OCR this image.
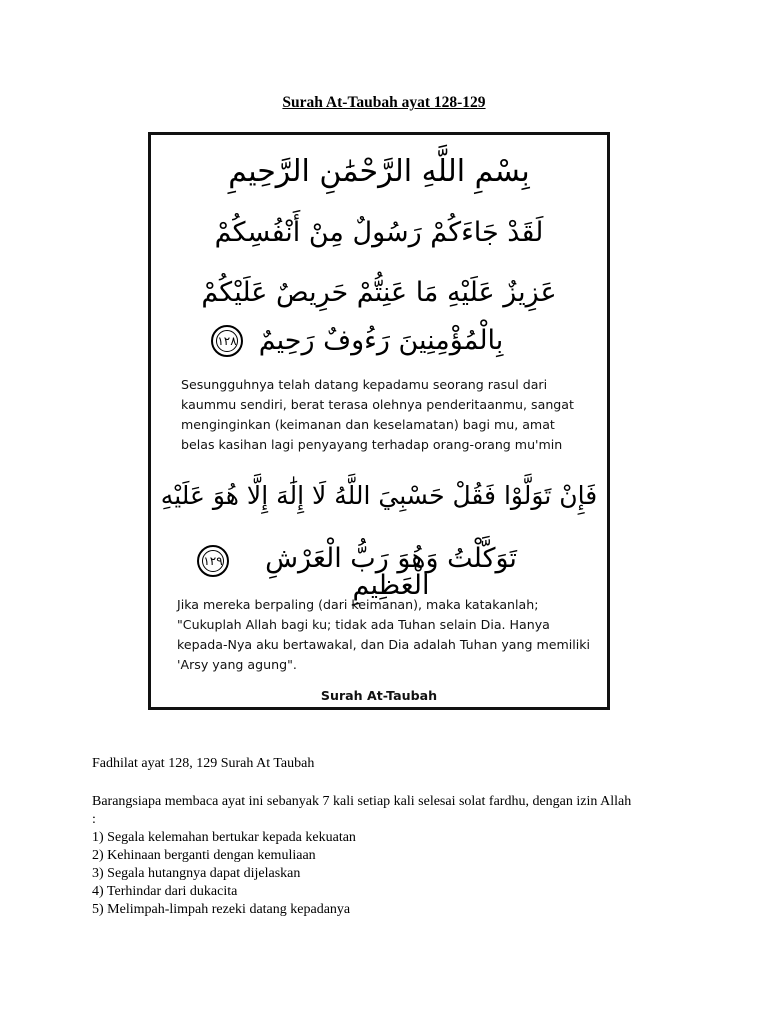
Surah At-Taubah ayat 128-129
بِسْمِ اللَّهِ الرَّحْمَٰنِ الرَّحِيمِ
لَقَدْ جَاءَكُمْ رَسُولٌ مِنْ أَنْفُسِكُمْ
عَزِيزٌ عَلَيْهِ مَا عَنِتُّمْ حَرِيصٌ عَلَيْكُمْ
بِالْمُؤْمِنِينَ رَءُوفٌ رَحِيمٌ
١٢٨
Sesungguhnya telah datang kepadamu seorang rasul dari
kaummu sendiri, berat terasa olehnya penderitaanmu, sangat
menginginkan (keimanan dan keselamatan) bagi mu, amat
belas kasihan lagi penyayang terhadap orang-orang mu'min
فَإِنْ تَوَلَّوْا فَقُلْ حَسْبِيَ اللَّهُ لَا إِلَٰهَ إِلَّا هُوَ عَلَيْهِ
تَوَكَّلْتُ وَهُوَ رَبُّ الْعَرْشِ الْعَظِيمِ
١٢٩
Jika mereka berpaling (dari keimanan), maka katakanlah;
"Cukuplah Allah bagi ku; tidak ada Tuhan selain Dia. Hanya
kepada-Nya aku bertawakal, dan Dia adalah Tuhan yang memiliki
'Arsy yang agung".
Surah At-Taubah
Fadhilat ayat 128, 129 Surah At Taubah
Barangsiapa membaca ayat ini sebanyak 7 kali setiap kali selesai solat fardhu, dengan izin Allah
:
1) Segala kelemahan bertukar kepada kekuatan
2) Kehinaan berganti dengan kemuliaan
3) Segala hutangnya dapat dijelaskan
4) Terhindar dari dukacita
5) Melimpah-limpah rezeki datang kepadanya
